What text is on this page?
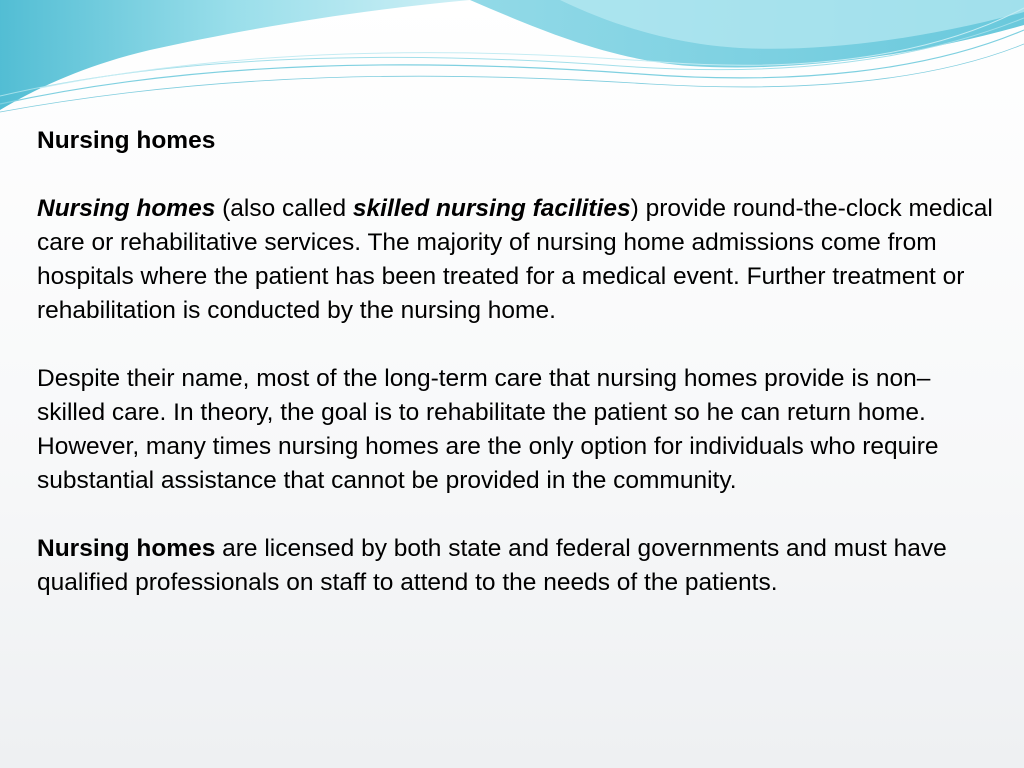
Nursing homes
Nursing homes (also called skilled nursing facilities) provide round-the-clock medical care or rehabilitative services. The majority of nursing home admissions come from hospitals where the patient has been treated for a medical event. Further treatment or rehabilitation is conducted by the nursing home.
Despite their name, most of the long-term care that nursing homes provide is non–skilled care. In theory, the goal is to rehabilitate the patient so he can return home. However, many times nursing homes are the only option for individuals who require substantial assistance that cannot be provided in the community.
Nursing homes are licensed by both state and federal governments and must have qualified professionals on staff to attend to the needs of the patients.
